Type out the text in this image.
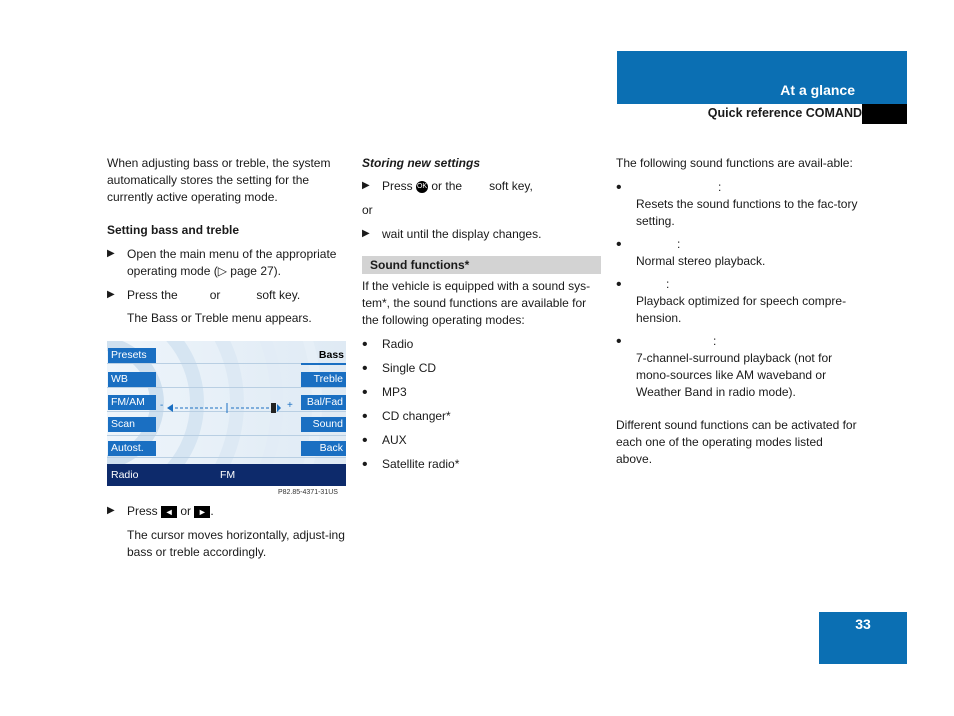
At a glance
Quick reference COMAND

When adjusting bass or treble, the system automatically stores the setting for the currently active operating mode.

Setting bass and treble

▶ Open the main menu of the appropriate operating mode (▷ page 27).

▶ Press the	or	soft key.

The Bass or Treble menu appears.

Presets
WB
FM/AM
Scan
Autost.
Bass
Treble
Bal/Fad
Sound
Back
-	+
Radio	FM
P82.85-4371-31US
▶ Press ◄ or ► .

The cursor moves horizontally, adjust-ing bass or treble accordingly.

Storing new settings

▶ Press OK or the soft key,

or

▶ wait until the display changes.

Sound functions*

If the vehicle is equipped with a sound sys-tem*, the sound functions are available for the following operating modes:

• Radio

• Single CD

• MP3

• CD changer*

• AUX

• Satellite radio*

The following sound functions are avail-able:

•	:

Resets the sound functions to the fac-tory setting.

•	:

Normal stereo playback.

•	:

Playback optimized for speech compre-hension.

•	:

7-channel-surround playback (not for mono-sources like AM waveband or Weather Band in radio mode).

Different sound functions can be activated for each one of the operating modes listed above.

33
